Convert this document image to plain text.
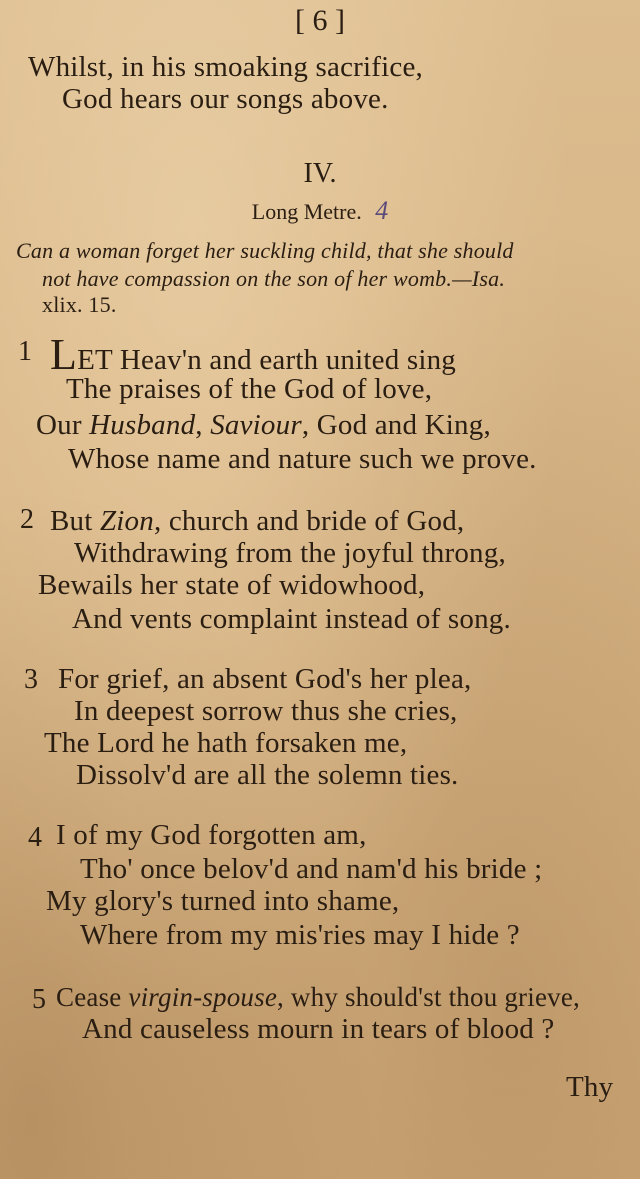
[ 6 ]
Whilst, in his smoaking sacrifice,
God hears our songs above.
IV.
Long Metre. 4
Can a woman forget her suckling child, that she should
not have compassion on the son of her womb.—Isa.
xlix. 15.
1 LET Heav'n and earth united sing
The praises of the God of love,
Our Husband, Saviour, God and King,
Whose name and nature such we prove.
2 But Zion, church and bride of God,
Withdrawing from the joyful throng,
Bewails her state of widowhood,
And vents complaint instead of song.
3 For grief, an absent God's her plea,
In deepest sorrow thus she cries,
The Lord he hath forsaken me,
Dissolv'd are all the solemn ties.
4 I of my God forgotten am,
Tho' once belov'd and nam'd his bride ;
My glory's turned into shame,
Where from my mis'ries may I hide ?
5 Cease virgin-spouse, why should'st thou grieve,
And causeless mourn in tears of blood ?
Thy
